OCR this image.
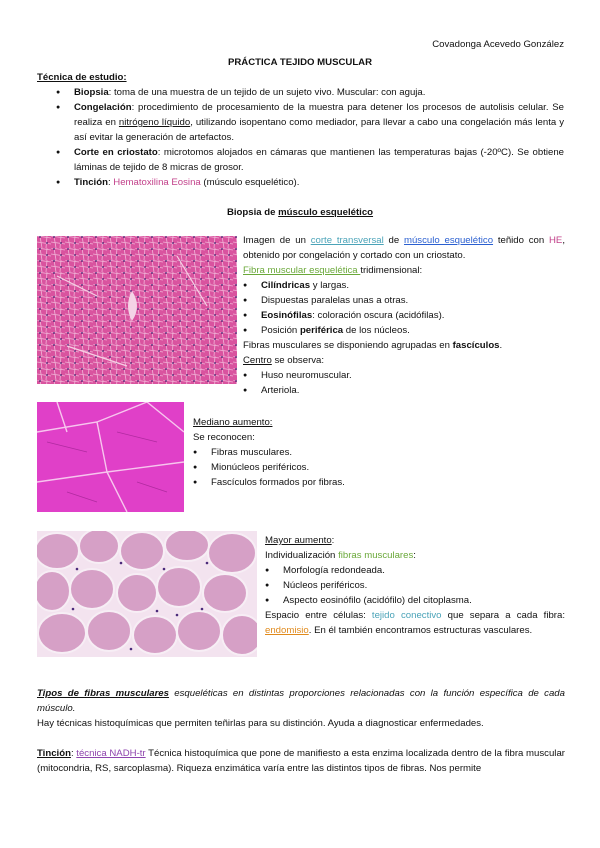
Covadonga Acevedo González
PRÁCTICA TEJIDO MUSCULAR
Técnica de estudio:
● Biopsia: toma de una muestra de un tejido de un sujeto vivo. Muscular: con aguja.
● Congelación: procedimiento de procesamiento de la muestra para detener los procesos de autolisis celular. Se realiza en nitrógeno líquido, utilizando isopentano como mediador, para llevar a cabo una congelación más lenta y así evitar la generación de artefactos.
● Corte en criostato: microtomos alojados en cámaras que mantienen las temperaturas bajas (-20ºC). Se obtiene láminas de tejido de 8 micras de grosor.
● Tinción: Hematoxilina Eosina (músculo esquelético).
Biopsia de músculo esquelético
Imagen de un corte transversal de músculo esquelético teñido con HE, obtenido por congelación y cortado con un criostato.
Fibra muscular esquelética tridimensional:
● Cilíndricas y largas.
● Dispuestas paralelas unas a otras.
● Eosinófilas: coloración oscura (acidófilas).
● Posición periférica de los núcleos.
Fibras musculares se disponiendo agrupadas en fascículos.
Centro se observa:
● Huso neuromuscular.
● Arteriola.
Mediano aumento:
Se reconocen:
● Fibras musculares.
● Mionúcleos periféricos.
● Fascículos formados por fibras.
Mayor aumento:
Individualización fibras musculares:
● Morfología redondeada.
● Núcleos periféricos.
● Aspecto eosinófilo (acidófilo) del citoplasma.
Espacio entre células: tejido conectivo que separa a cada fibra: endomisio. En él también encontramos estructuras vasculares.
Tipos de fibras musculares esqueléticas en distintas proporciones relacionadas con la función específica de cada músculo.
Hay técnicas histoquímicas que permiten teñirlas para su distinción. Ayuda a diagnosticar enfermedades.
Tinción: técnica NADH-tr Técnica histoquímica que pone de manifiesto a esta enzima localizada dentro de la fibra muscular (mitocondria, RS, sarcoplasma). Riqueza enzimática varía entre las distintos tipos de fibras. Nos permite
